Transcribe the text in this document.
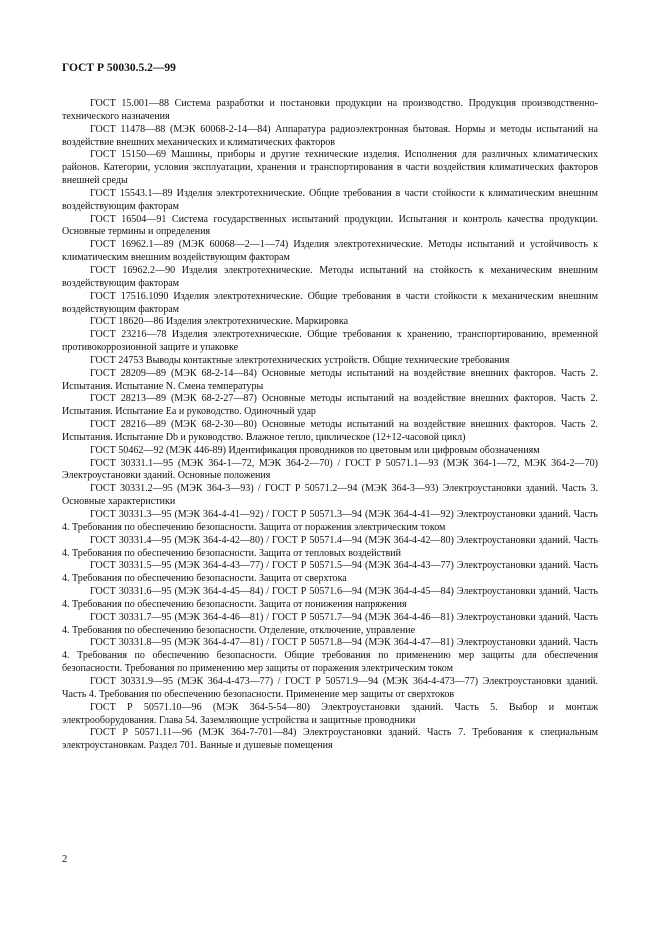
ГОСТ Р 50030.5.2—99

ГОСТ 15.001—88 Система разработки и постановки продукции на производство. Продукция производственно-технического назначения

ГОСТ 11478—88 (МЭК 60068-2-14—84) Аппаратура радиоэлектронная бытовая. Нормы и методы испытаний на воздействие внешних механических и климатических факторов

ГОСТ 15150—69 Машины, приборы и другие технические изделия. Исполнения для различных климатических районов. Категории, условия эксплуатации, хранения и транспортирования в части воздействия климатических факторов внешней среды

ГОСТ 15543.1—89 Изделия электротехнические. Общие требования в части стойкости к климатическим внешним воздействующим факторам

ГОСТ 16504—91 Система государственных испытаний продукции. Испытания и контроль качества продукции. Основные термины и определения

ГОСТ 16962.1—89 (МЭК 60068—2—1—74) Изделия электротехнические. Методы испытаний и устойчивость к климатическим внешним воздействующим факторам

ГОСТ 16962.2—90 Изделия электротехнические. Методы испытаний на стойкость к механическим внешним воздействующим факторам

ГОСТ 17516.1090 Изделия электротехнические. Общие требования в части стойкости к механическим внешним воздействующим факторам

ГОСТ 18620—86 Изделия электротехнические. Маркировка

ГОСТ 23216—78 Изделия электротехнические. Общие требования к хранению, транспортированию, временной противокоррозионной защите и упаковке

ГОСТ 24753 Выводы контактные электротехнических устройств. Общие технические требования

ГОСТ 28209—89 (МЭК 68-2-14—84) Основные методы испытаний на воздействие внешних факторов. Часть 2. Испытания. Испытание N. Смена температуры

ГОСТ 28213—89 (МЭК 68-2-27—87) Основные методы испытаний на воздействие внешних факторов. Часть 2. Испытания. Испытание Ea и руководство. Одиночный удар

ГОСТ 28216—89 (МЭК 68-2-30—80) Основные методы испытаний на воздействие внешних факторов. Часть 2. Испытания. Испытание Db и руководство. Влажное тепло, циклическое (12+12-часовой цикл)

ГОСТ 50462—92 (МЭК 446-89) Идентификация проводников по цветовым или цифровым обозначениям

ГОСТ 30331.1—95 (МЭК 364-1—72, МЭК 364-2—70) / ГОСТ Р 50571.1—93 (МЭК 364-1—72, МЭК 364-2—70) Электроустановки зданий. Основные положения

ГОСТ 30331.2—95 (МЭК 364-3—93) / ГОСТ Р 50571.2—94 (МЭК 364-3—93) Электроустановки зданий. Часть 3. Основные характеристики

ГОСТ 30331.3—95 (МЭК 364-4-41—92) / ГОСТ Р 50571.3—94 (МЭК 364-4-41—92) Электроустановки зданий. Часть 4. Требования по обеспечению безопасности. Защита от поражения электрическим током

ГОСТ 30331.4—95 (МЭК 364-4-42—80) / ГОСТ Р 50571.4—94 (МЭК 364-4-42—80) Электроустановки зданий. Часть 4. Требования по обеспечению безопасности. Защита от тепловых воздействий

ГОСТ 30331.5—95 (МЭК 364-4-43—77) / ГОСТ Р 50571.5—94 (МЭК 364-4-43—77) Электроустановки зданий. Часть 4. Требования по обеспечению безопасности. Защита от сверхтока

ГОСТ 30331.6—95 (МЭК 364-4-45—84) / ГОСТ Р 50571.6—94 (МЭК 364-4-45—84) Электроустановки зданий. Часть 4. Требования по обеспечению безопасности. Защита от понижения напряжения

ГОСТ 30331.7—95 (МЭК 364-4-46—81) / ГОСТ Р 50571.7—94 (МЭК 364-4-46—81) Электроустановки зданий. Часть 4. Требования по обеспечению безопасности. Отделение, отключение, управление

ГОСТ 30331.8—95 (МЭК 364-4-47—81) / ГОСТ Р 50571.8—94 (МЭК 364-4-47—81) Электроустановки зданий. Часть 4. Требования по обеспечению безопасности. Общие требования по применению мер защиты для обеспечения безопасности. Требования по применению мер защиты от поражения электрическим током

ГОСТ 30331.9—95 (МЭК 364-4-473—77) / ГОСТ Р 50571.9—94 (МЭК 364-4-473—77) Электроустановки зданий. Часть 4. Требования по обеспечению безопасности. Применение мер защиты от сверхтоков

ГОСТ Р 50571.10—96 (МЭК 364-5-54—80) Электроустановки зданий. Часть 5. Выбор и монтаж электрооборудования. Глава 54. Заземляющие устройства и защитные проводники

ГОСТ Р 50571.11—96 (МЭК 364-7-701—84) Электроустановки зданий. Часть 7. Требования к специальным электроустановкам. Раздел 701. Ванные и душевые помещения

2
